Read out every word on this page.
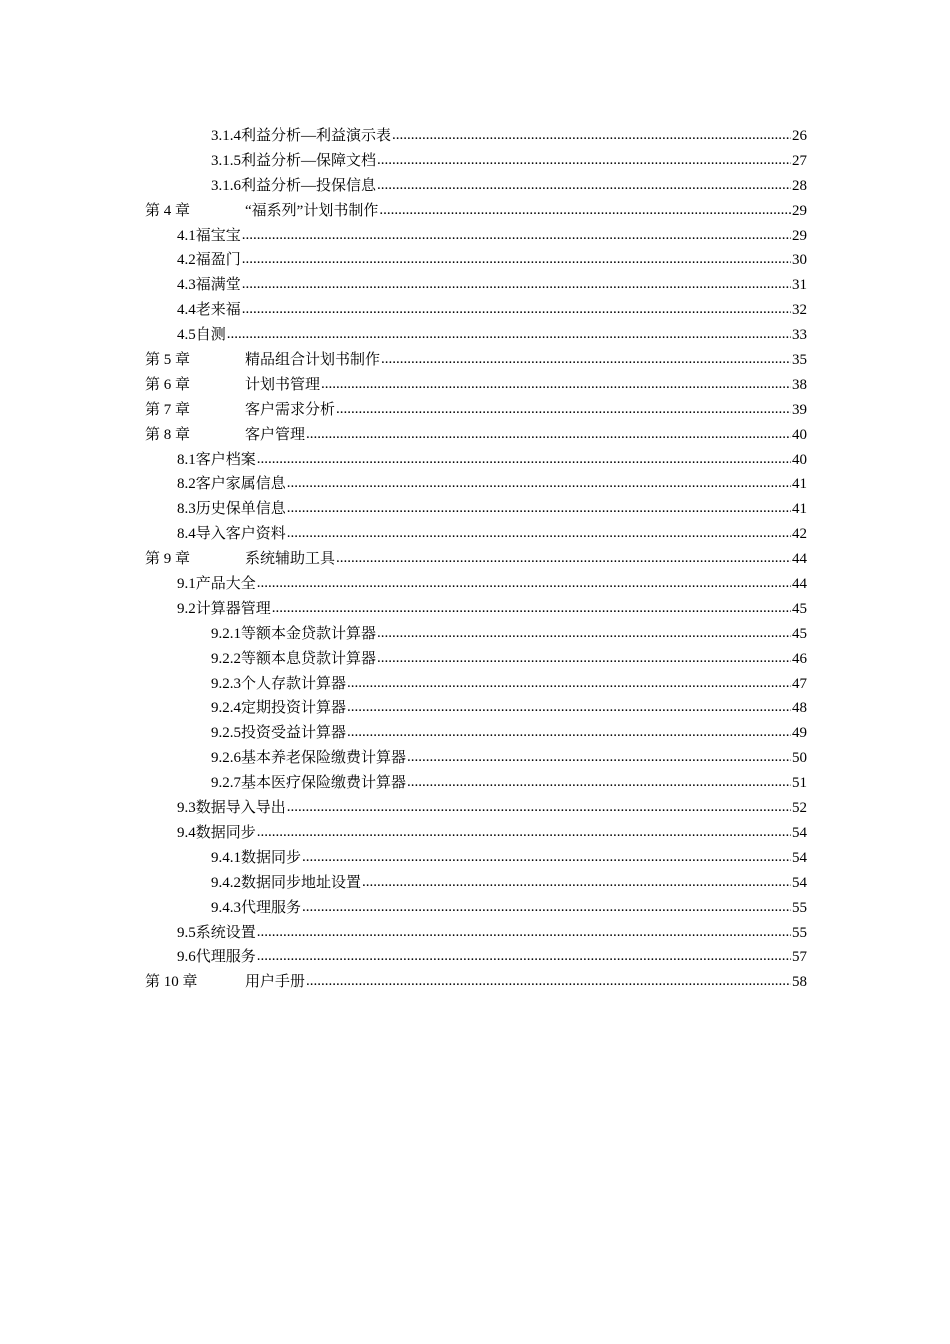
3.1.4 利益分析—利益演示表 .....	26
3.1.5 利益分析—保障文档 .....	27
3.1.6 利益分析—投保信息 .....	28
第 4 章	“福系列”计划书制作 .....	29
4.1 福宝宝 .....	29
4.2 福盈门 .....	30
4.3 福满堂 .....	31
4.4 老来福 .....	32
4.5 自测 .....	33
第 5 章	精品组合计划书制作 .....	35
第 6 章	计划书管理 .....	38
第 7 章	客户需求分析 .....	39
第 8 章	客户管理 .....	40
8.1 客户档案 .....	40
8.2 客户家属信息 .....	41
8.3 历史保单信息 .....	41
8.4 导入客户资料 .....	42
第 9 章	系统辅助工具 .....	44
9.1 产品大全 .....	44
9.2 计算器管理 .....	45
9.2.1 等额本金贷款计算器 .....	45
9.2.2 等额本息贷款计算器 .....	46
9.2.3 个人存款计算器 .....	47
9.2.4 定期投资计算器 .....	48
9.2.5 投资受益计算器 .....	49
9.2.6 基本养老保险缴费计算器 .....	50
9.2.7 基本医疗保险缴费计算器 .....	51
9.3 数据导入导出 .....	52
9.4 数据同步 .....	54
9.4.1 数据同步 .....	54
9.4.2 数据同步地址设置 .....	54
9.4.3 代理服务 .....	55
9.5 系统设置 .....	55
9.6 代理服务 .....	57
第 10 章	用户手册 .....	58
